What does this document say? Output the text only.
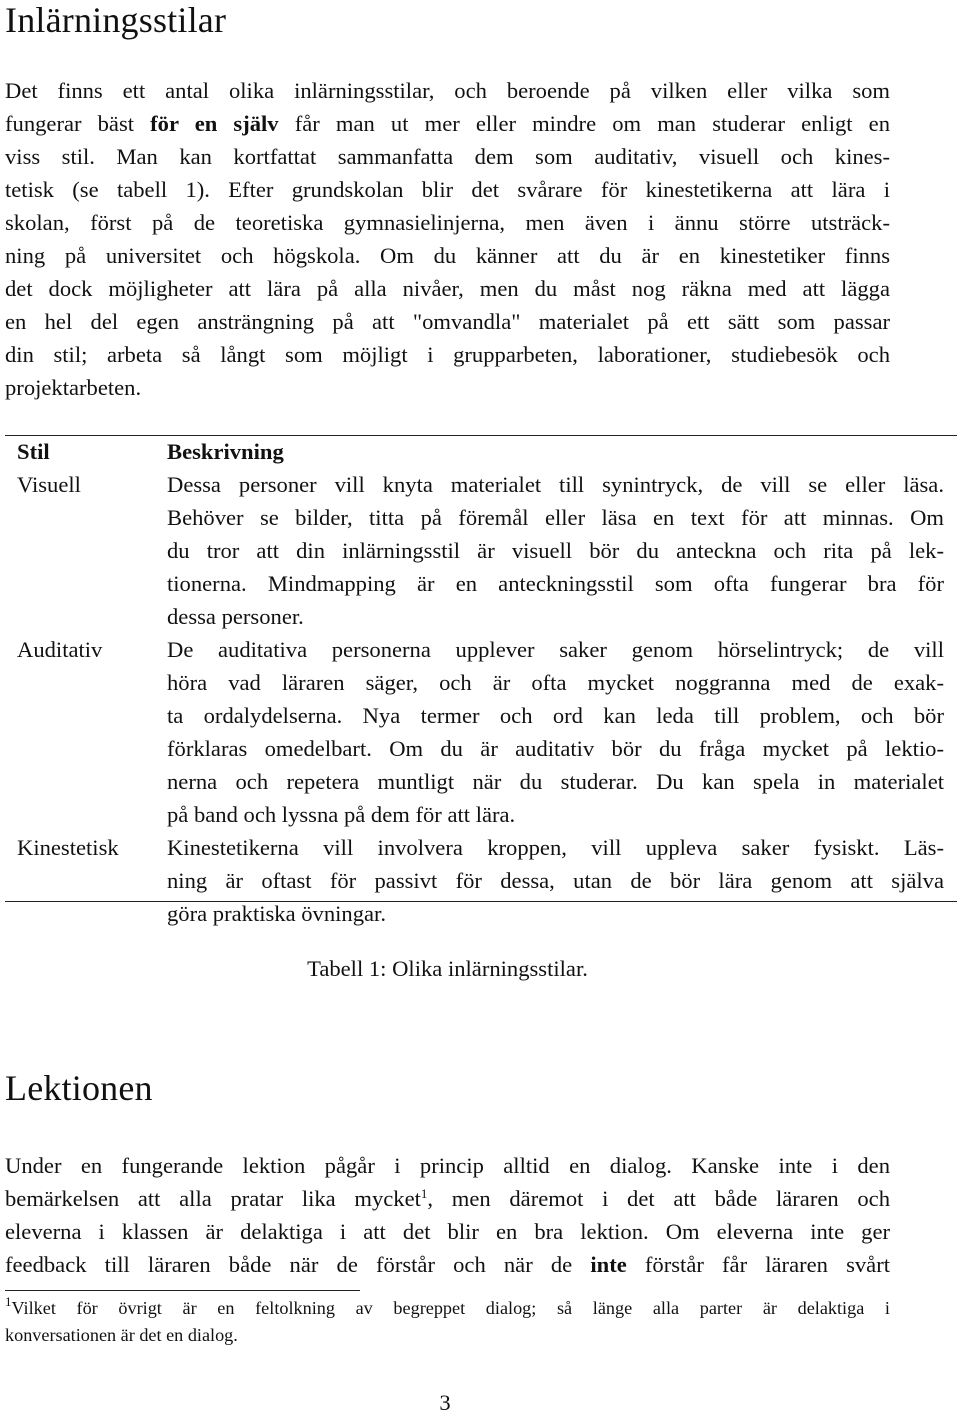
Inlärningsstilar
Det finns ett antal olika inlärningsstilar, och beroende på vilken eller vilka som
fungerar bäst för en själv får man ut mer eller mindre om man studerar enligt en
viss stil. Man kan kortfattat sammanfatta dem som auditativ, visuell och kines-
tetisk (se tabell 1). Efter grundskolan blir det svårare för kinestetikerna att lära i
skolan, först på de teoretiska gymnasielinjerna, men även i ännu större utsträck-
ning på universitet och högskola. Om du känner att du är en kinestetiker finns
det dock möjligheter att lära på alla nivåer, men du måst nog räkna med att lägga
en hel del egen ansträngning på att "omvandla" materialet på ett sätt som passar
din stil; arbeta så långt som möjligt i grupparbeten, laborationer, studiebesök och
projektarbeten.
Stil	Beskrivning
Visuell	Dessa personer vill knyta materialet till synintryck, de vill se eller läsa.
Behöver se bilder, titta på föremål eller läsa en text för att minnas. Om
du tror att din inlärningsstil är visuell bör du anteckna och rita på lek-
tionerna. Mindmapping är en anteckningsstil som ofta fungerar bra för
dessa personer.
Auditativ	De auditativa personerna upplever saker genom hörselintryck; de vill
höra vad läraren säger, och är ofta mycket noggranna med de exak-
ta ordalydelserna. Nya termer och ord kan leda till problem, och bör
förklaras omedelbart. Om du är auditativ bör du fråga mycket på lektio-
nerna och repetera muntligt när du studerar. Du kan spela in materialet
på band och lyssna på dem för att lära.
Kinestetisk Kinestetikerna vill involvera kroppen, vill uppleva saker fysiskt. Läs-
ning är oftast för passivt för dessa, utan de bör lära genom att själva
göra praktiska övningar.
Tabell 1: Olika inlärningsstilar.
Lektionen
Under en fungerande lektion pågår i princip alltid en dialog. Kanske inte i den
bemärkelsen att alla pratar lika mycket$^1$, men däremot i det att både läraren och
eleverna i klassen är delaktiga i att det blir en bra lektion. Om eleverna inte ger
feedback till läraren både när de förstår och när de inte förstår får läraren svårt
$^1$Vilket för övrigt är en feltolkning av begreppet dialog; så länge alla parter är delaktiga i
konversationen är det en dialog.
3
